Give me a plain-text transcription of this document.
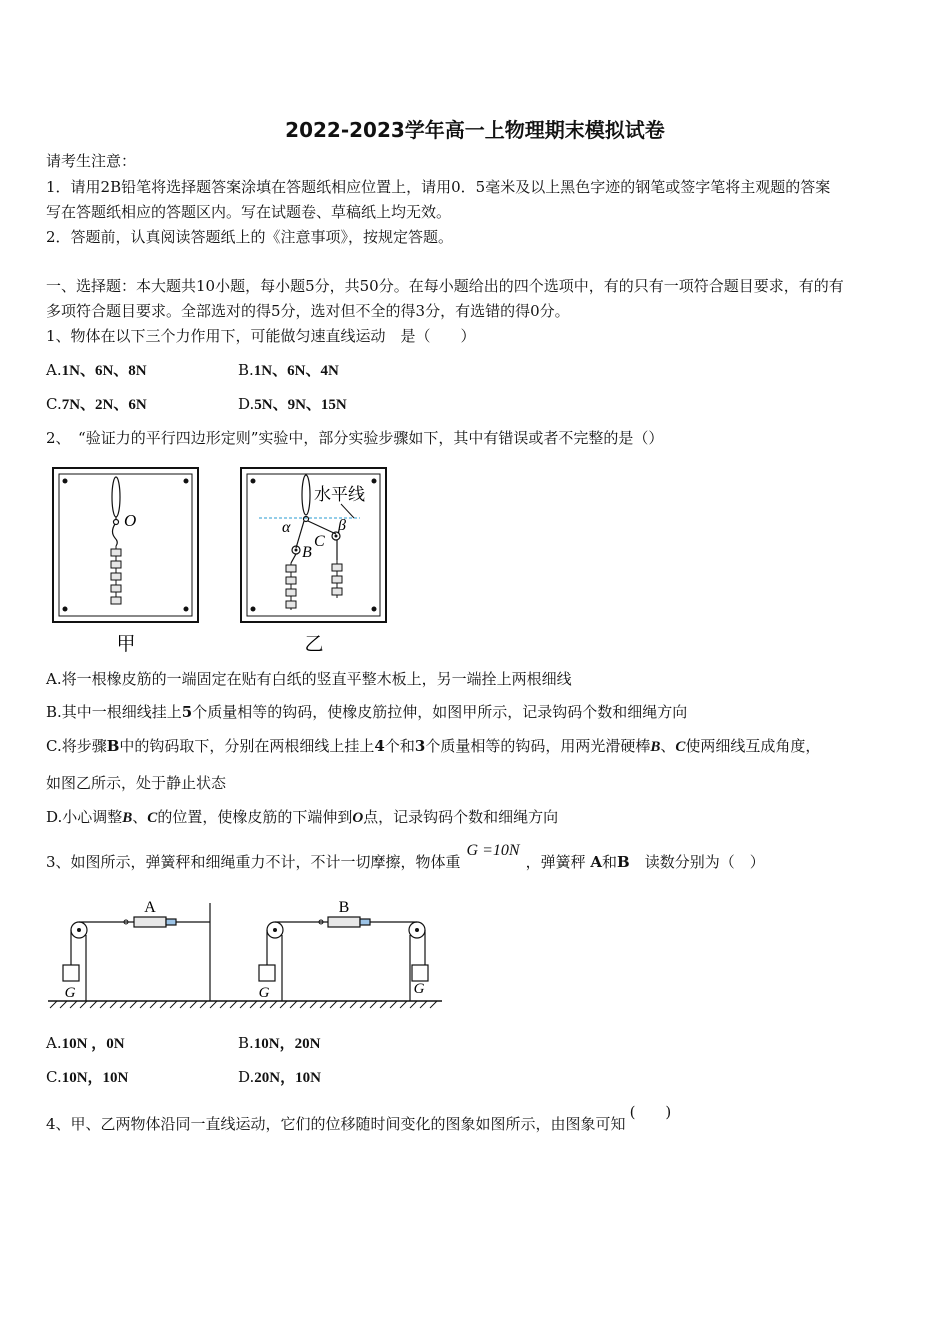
2022-2023学年高一上物理期末模拟试卷
请考生注意：
1．请用2B铅笔将选择题答案涂填在答题纸相应位置上，请用0．5毫米及以上黑色字迹的钢笔或签字笔将主观题的答案
写在答题纸相应的答题区内。写在试题卷、草稿纸上均无效。
2．答题前，认真阅读答题纸上的《注意事项》，按规定答题。
一、选择题：本大题共10小题，每小题5分，共50分。在每小题给出的四个选项中，有的只有一项符合题目要求，有的有
多项符合题目要求。全部选对的得5分，选对但不全的得3分，有选错的得0分。
1、物体在以下三个力作用下，可能做匀速直线运动　是（　　）
A.1N、6N、8N	B.1N、6N、4N
C.7N、2N、6N	D.5N、9N、15N
2、　“验证力的平行四边形定则”实验中，部分实验步骤如下，其中有错误或者不完整的是（）
O
甲
水平线
α	β
B
C
乙
A.将一根橡皮筋的一端固定在贴有白纸的竖直平整木板上，另一端拴上两根细线
B.其中一根细线挂上5个质量相等的钩码，使橡皮筋拉伸，如图甲所示，记录钩码个数和细绳方向
C.将步骤B中的钩码取下，分别在两根细线上挂上4个和3个质量相等的钩码，用两光滑硬棒B、C使两细线互成角度，
如图乙所示，处于静止状态
D.小心调整B、C的位置，使橡皮筋的下端伸到O点，记录钩码个数和细绳方向
3、如图所示，弹簧秤和细绳重力不计，不计一切摩擦，物体重G =10N，弹簧秤 A和B　 读数分别为（　）
A
G
B
G	G
A.10N ，0N	B.10N，20N
C.10N，10N	D.20N，10N
4、甲、乙两物体沿同一直线运动，它们的位移随时间变化的图象如图所示，由图象可知(　　)
